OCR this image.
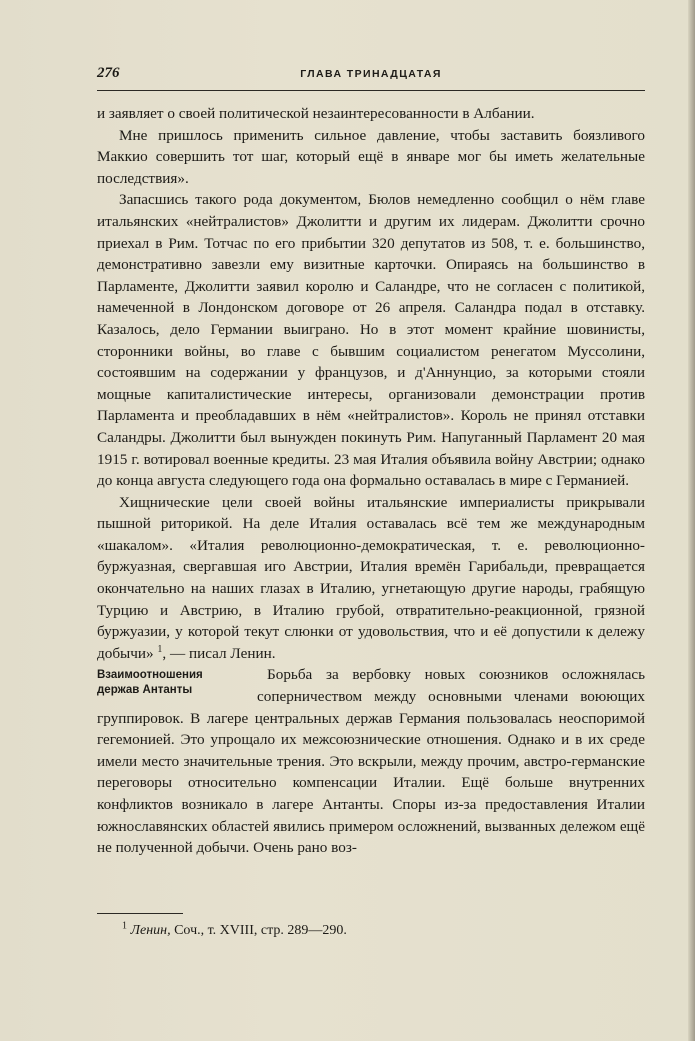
276	ГЛАВА ТРИНАДЦАТАЯ

и заявляет о своей политической незаинтересованности в Албании.

Мне пришлось применить сильное давление, чтобы заставить боязливого Маккио совершить тот шаг, который ещё в январе мог бы иметь желательные последствия».

Запасшись такого рода документом, Бюлов немедленно сообщил о нём главе итальянских «нейтралистов» Джолитти и другим их лидерам. Джолитти срочно приехал в Рим. Тотчас по его прибытии 320 депутатов из 508, т. е. большинство, демонстративно завезли ему визитные карточки. Опираясь на большинство в Парламенте, Джолитти заявил королю и Саландре, что не согласен с политикой, намеченной в Лондонском договоре от 26 апреля. Саландра подал в отставку. Казалось, дело Германии выиграно. Но в этот момент крайние шовинисты, сторонники войны, во главе с бывшим социалистом ренегатом Муссолини, состоявшим на содержании у французов, и д'Аннунцио, за которыми стояли мощные капиталистические интересы, организовали демонстрации против Парламента и преобладавших в нём «нейтралистов». Король не принял отставки Саландры. Джолитти был вынужден покинуть Рим. Напуганный Парламент 20 мая 1915 г. вотировал военные кредиты. 23 мая Италия объявила войну Австрии; однако до конца августа следующего года она формально оставалась в мире с Германией.

Хищнические цели своей войны итальянские империалисты прикрывали пышной риторикой. На деле Италия оставалась всё тем же международным «шакалом». «Италия революционно-демократическая, т. е. революционно-буржуазная, свергавшая иго Австрии, Италия времён Гарибальди, превращается окончательно на наших глазах в Италию, угнетающую другие народы, грабящую Турцию и Австрию, в Италию грубой, отвратительно-реакционной, грязной буржуазии, у которой текут слюнки от удовольствия, что и её допустили к дележу добычи» $^1$, — писал Ленин.

Взаимоотношения
держав Антанты

Борьба за вербовку новых союзников осложнялась соперничеством между основными членами воюющих группировок. В лагере центральных держав Германия пользовалась неоспоримой гегемонией. Это упрощало их межсоюзнические отношения. Однако и в их среде имели место значительные трения. Это вскрыли, между прочим, австро-германские переговоры относительно компенсации Италии. Ещё больше внутренних конфликтов возникало в лагере Антанты. Споры из-за предоставления Италии южнославянских областей явились примером осложнений, вызванных дележом ещё не полученной добычи. Очень рано воз-

$^1$ Ленин, Соч., т. XVIII, стр. 289—290.
